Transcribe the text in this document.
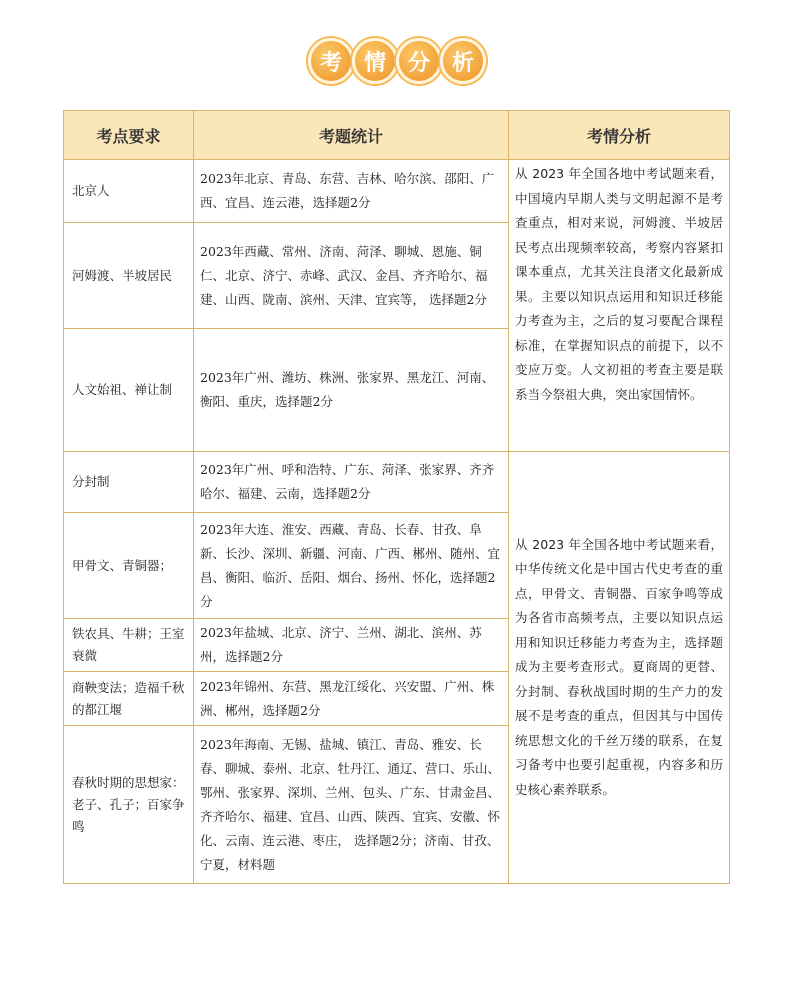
考 情 分 析
考点要求	考题统计	考情分析
北京人	2023年北京、青岛、东营、吉林、哈尔滨、邵阳、广西、宜昌、连云港，选择题2分	从 2023 年全国各地中考试题来看，中国境内早期人类与文明起源不是考查重点，相对来说，河姆渡、半坡居民考点出现频率较高，考察内容紧扣课本重点，尤其关注良渚文化最新成果。主要以知识点运用和知识迁移能力考查为主，之后的复习要配合课程标准，在掌握知识点的前提下，以不变应万变。人文初祖的考查主要是联系当今祭祖大典，突出家国情怀。
河姆渡、半坡居民	2023年西藏、常州、济南、菏泽、聊城、恩施、铜仁、北京、济宁、赤峰、武汉、金昌、齐齐哈尔、福建、山西、陇南、滨州、天津、宜宾等， 选择题2分	
人文始祖、禅让制	2023年广州、潍坊、株洲、张家界、黑龙江、河南、衡阳、重庆，选择题2分	
分封制	2023年广州、呼和浩特、广东、菏泽、张家界、齐齐哈尔、福建、云南，选择题2分	从 2023 年全国各地中考试题来看，中华传统文化是中国古代史考查的重点，甲骨文、青铜器、百家争鸣等成为各省市高频考点，主要以知识点运用和知识迁移能力考查为主，选择题成为主要考查形式。夏商周的更替、分封制、春秋战国时期的生产力的发展不是考查的重点，但因其与中国传统思想文化的千丝万缕的联系，在复习备考中也要引起重视，内容多和历史核心素养联系。
甲骨文、青铜器；	2023年大连、淮安、西藏、青岛、长春、甘孜、阜新、长沙、深圳、新疆、河南、广西、郴州、随州、宜昌、衡阳、临沂、岳阳、烟台、扬州、怀化，选择题2分	
铁农具、牛耕；王室衰微	2023年盐城、北京、济宁、兰州、湖北、滨州、苏州，选择题2分	
商鞅变法；造福千秋的都江堰	2023年锦州、东营、黑龙江绥化、兴安盟、广州、株洲、郴州，选择题2分	
春秋时期的思想家：老子、孔子；百家争鸣	2023年海南、无锡、盐城、镇江、青岛、雅安、长春、聊城、泰州、北京、牡丹江、通辽、营口、乐山、鄂州、张家界、深圳、兰州、包头、广东、甘肃金昌、齐齐哈尔、福建、宜昌、山西、陕西、宜宾、安徽、怀化、云南、连云港、枣庄， 选择题2分；济南、甘孜、宁夏，材料题	
